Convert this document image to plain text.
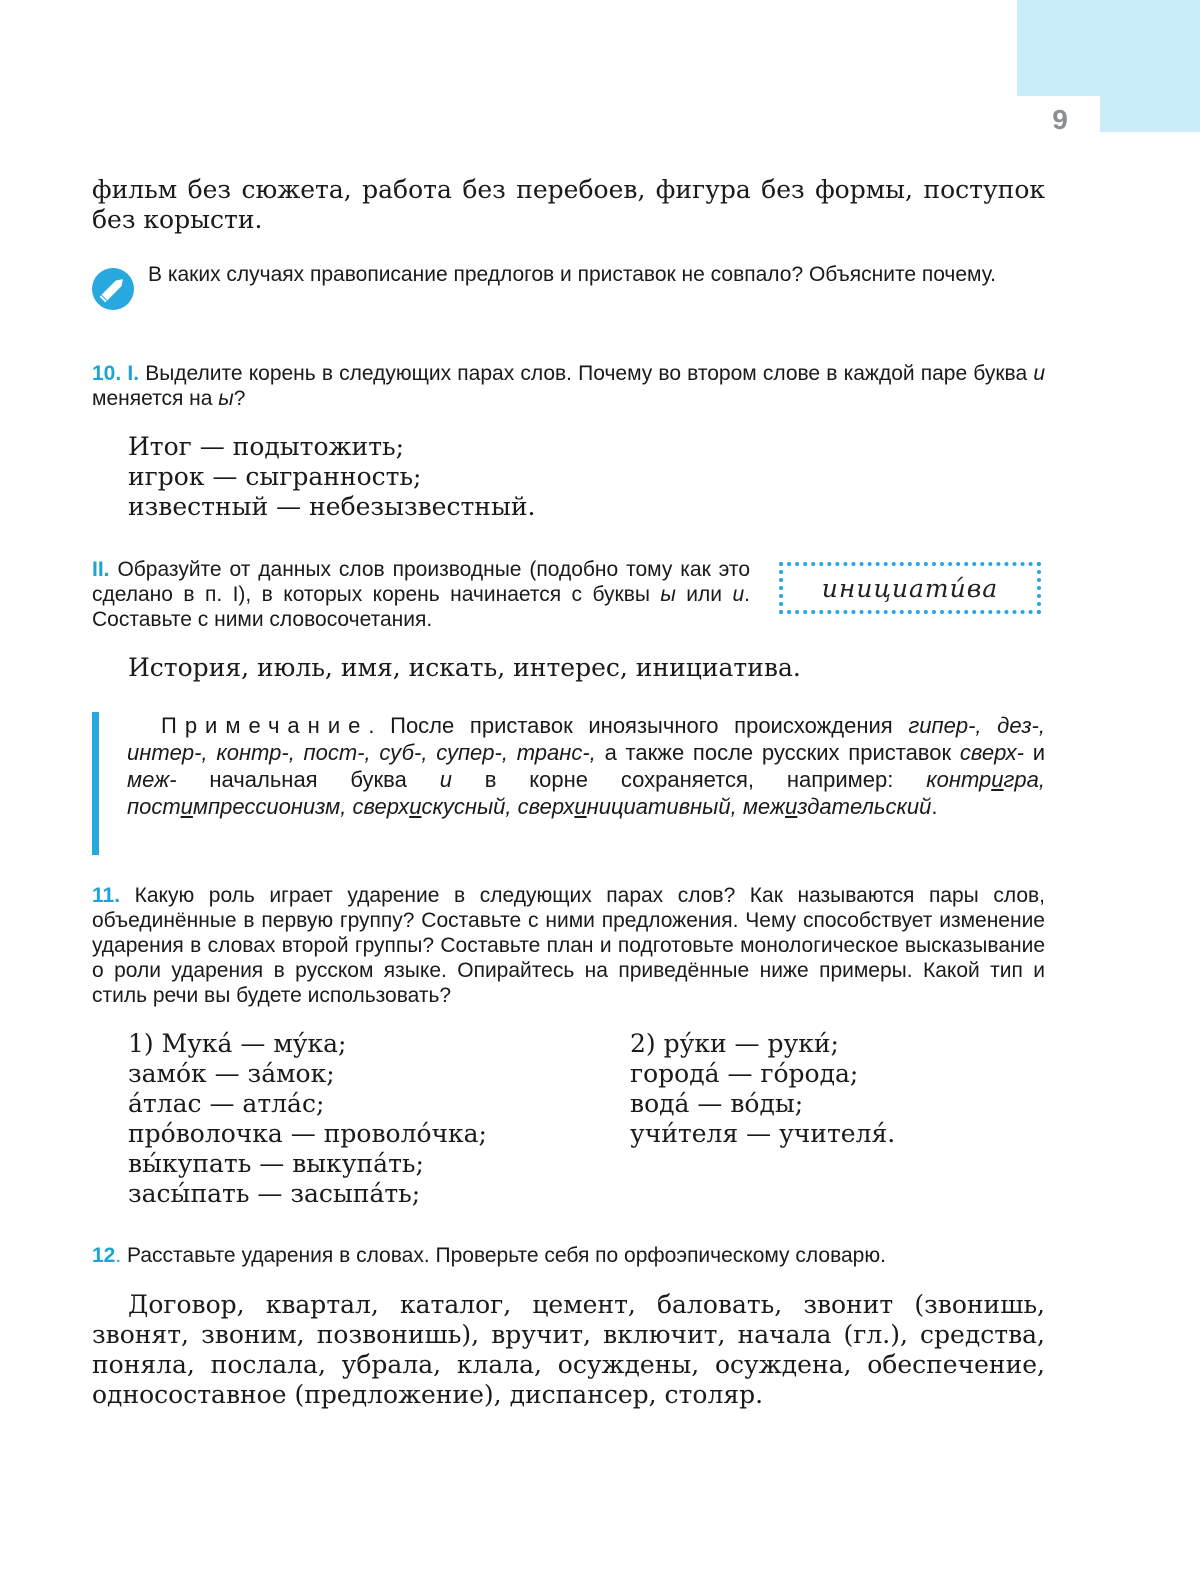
9
фильм без сюжета, работа без перебоев, фигура без формы, поступок без корысти.
В каких случаях правописание предлогов и приставок не совпало? Объясните почему.
10. I. Выделите корень в следующих парах слов. Почему во втором слове в каждой паре буква и меняется на ы?
Итог — подытожить;
игрок — сыгранность;
известный — небезызвестный.
II. Образуйте от данных слов производные (подобно тому как это сделано в п. I), в которых корень начинается с буквы ы или и. Составьте с ними словосочетания.
инициати́ва
История, июль, имя, искать, интерес, инициатива.
Примечание. После приставок иноязычного происхождения гипер-, дез-, интер-, контр-, пост-, суб-, супер-, транс-, а также после русских приставок сверх- и меж- начальная буква и в корне сохраняется, например: контригра, постимпрессионизм, сверхискусный, сверхинициативный, межиздательский.
11. Какую роль играет ударение в следующих парах слов? Как называются пары слов, объединённые в первую группу? Составьте с ними предложения. Чему способствует изменение ударения в словах второй группы? Составьте план и подготовьте монологическое высказывание о роли ударения в русском языке. Опирайтесь на приведённые ниже примеры. Какой тип и стиль речи вы будете использовать?
1) Мука́ — му́ка;
замо́к — за́мок;
а́тлас — атла́с;
про́волочка — проволо́чка;
вы́купать — выкупа́ть;
засы́пать — засыпа́ть;
2) ру́ки — руки́;
города́ — го́рода;
вода́ — во́ды;
учи́теля — учителя́.
12. Расставьте ударения в словах. Проверьте себя по орфоэпическому словарю.
Договор, квартал, каталог, цемент, баловать, звонит (звонишь, звонят, звоним, позвонишь), вручит, включит, начала (гл.), средства, поняла, послала, убрала, клала, осуждены, осуждена, обеспечение, односоставное (предложение), диспансер, столяр.
